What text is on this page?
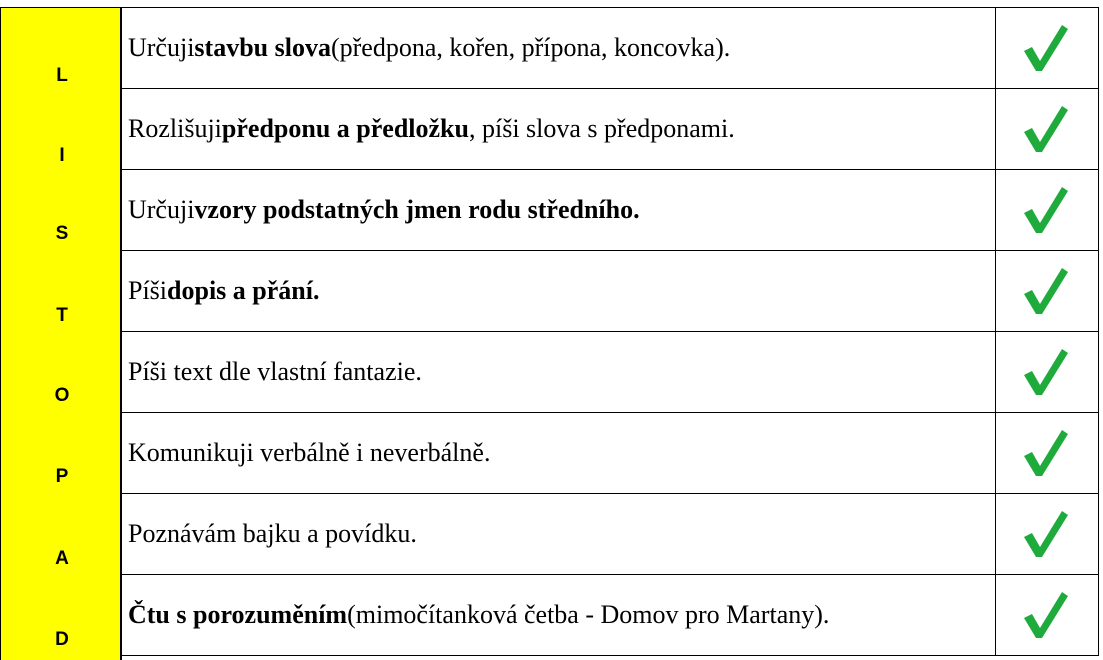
L
I
S
T
O
P
A
D
Určuji stavbu slova (předpona, kořen, přípona, koncovka).
Rozlišuji předponu a předložku , píši slova s předponami.
Určuji vzory podstatných jmen rodu středního.
Píši dopis a přání.
Píši text dle vlastní fantazie.
Komunikuji verbálně i neverbálně.
Poznávám bajku a povídku.
Čtu s porozuměním (mimočítanková četba - Domov pro Martany).
